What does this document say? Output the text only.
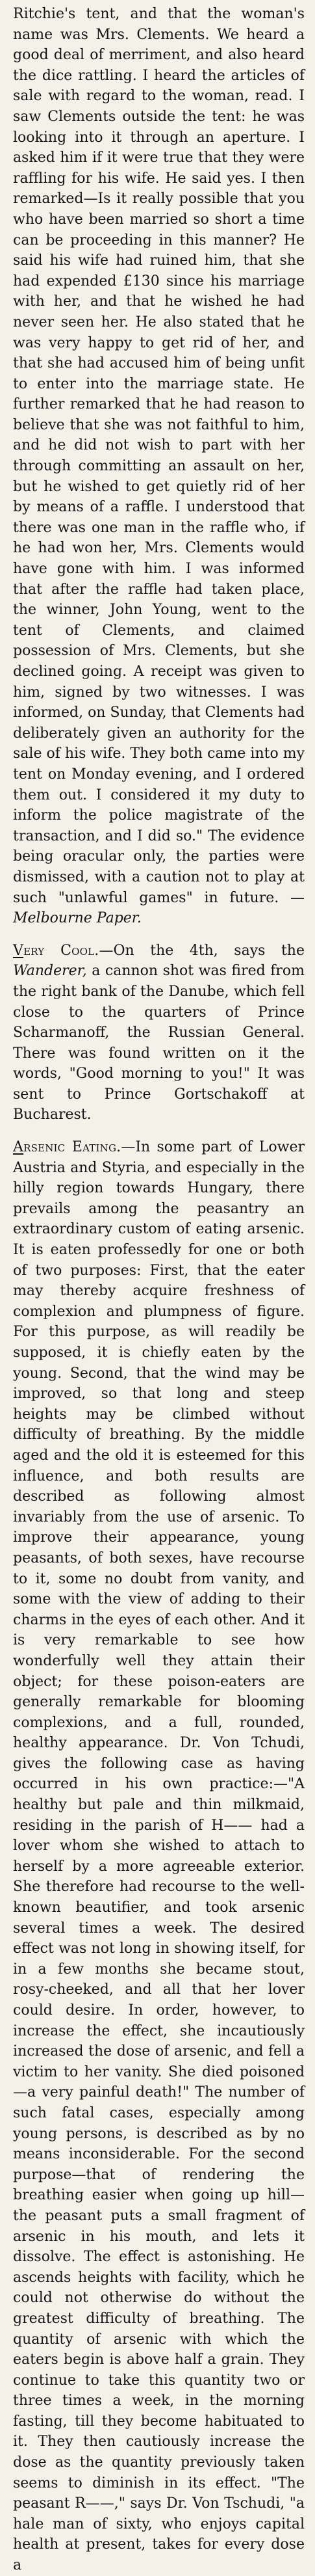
Ritchie's tent, and that the woman's name was Mrs. Clements. We heard a good deal of merriment, and also heard the dice rattling. I heard the articles of sale with regard to the woman, read. I saw Clements outside the tent: he was looking into it through an aperture. I asked him if it were true that they were raffling for his wife. He said yes. I then remarked—Is it really possible that you who have been married so short a time can be proceeding in this manner? He said his wife had ruined him, that she had expended £130 since his marriage with her, and that he wished he had never seen her. He also stated that he was very happy to get rid of her, and that she had accused him of being unfit to enter into the marriage state. He further remarked that he had reason to believe that she was not faithful to him, and he did not wish to part with her through committing an assault on her, but he wished to get quietly rid of her by means of a raffle. I understood that there was one man in the raffle who, if he had won her, Mrs. Clements would have gone with him. I was informed that after the raffle had taken place, the winner, John Young, went to the tent of Clements, and claimed possession of Mrs. Clements, but she declined going. A receipt was given to him, signed by two witnesses. I was informed, on Sunday, that Clements had deliberately given an authority for the sale of his wife. They both came into my tent on Monday evening, and I ordered them out. I considered it my duty to inform the police magistrate of the transaction, and I did so." The evidence being oracular only, the parties were dismissed, with a caution not to play at such "unlawful games" in future. —Melbourne Paper.

Very Cool.—On the 4th, says the Wanderer, a cannon shot was fired from the right bank of the Danube, which fell close to the quarters of Prince Scharmanoff, the Russian General. There was found written on it the words, "Good morning to you!" It was sent to Prince Gortschakoff at Bucharest.

Arsenic Eating.—In some part of Lower Austria and Styria, and especially in the hilly region towards Hungary, there prevails among the peasantry an extraordinary custom of eating arsenic. It is eaten professedly for one or both of two purposes: First, that the eater may thereby acquire freshness of complexion and plumpness of figure. For this purpose, as will readily be supposed, it is chiefly eaten by the young. Second, that the wind may be improved, so that long and steep heights may be climbed without difficulty of breathing. By the middle aged and the old it is esteemed for this influence, and both results are described as following almost invariably from the use of arsenic. To improve their appearance, young peasants, of both sexes, have recourse to it, some no doubt from vanity, and some with the view of adding to their charms in the eyes of each other. And it is very remarkable to see how wonderfully well they attain their object; for these poison-eaters are generally remarkable for blooming complexions, and a full, rounded, healthy appearance. Dr. Von Tchudi, gives the following case as having occurred in his own practice:—"A healthy but pale and thin milkmaid, residing in the parish of H—— had a lover whom she wished to attach to herself by a more agreeable exterior. She therefore had recourse to the well-known beautifier, and took arsenic several times a week. The desired effect was not long in showing itself, for in a few months she became stout, rosy-cheeked, and all that her lover could desire. In order, however, to increase the effect, she incautiously increased the dose of arsenic, and fell a victim to her vanity. She died poisoned—a very painful death!" The number of such fatal cases, especially among young persons, is described as by no means inconsiderable. For the second purpose—that of rendering the breathing easier when going up hill—the peasant puts a small fragment of arsenic in his mouth, and lets it dissolve. The effect is astonishing. He ascends heights with facility, which he could not otherwise do without the greatest difficulty of breathing. The quantity of arsenic with which the eaters begin is above half a grain. They continue to take this quantity two or three times a week, in the morning fasting, till they become habituated to it. They then cautiously increase the dose as the quantity previously taken seems to diminish in its effect. "The peasant R——," says Dr. Von Tschudi, "a hale man of sixty, who enjoys capital health at present, takes for every dose a
